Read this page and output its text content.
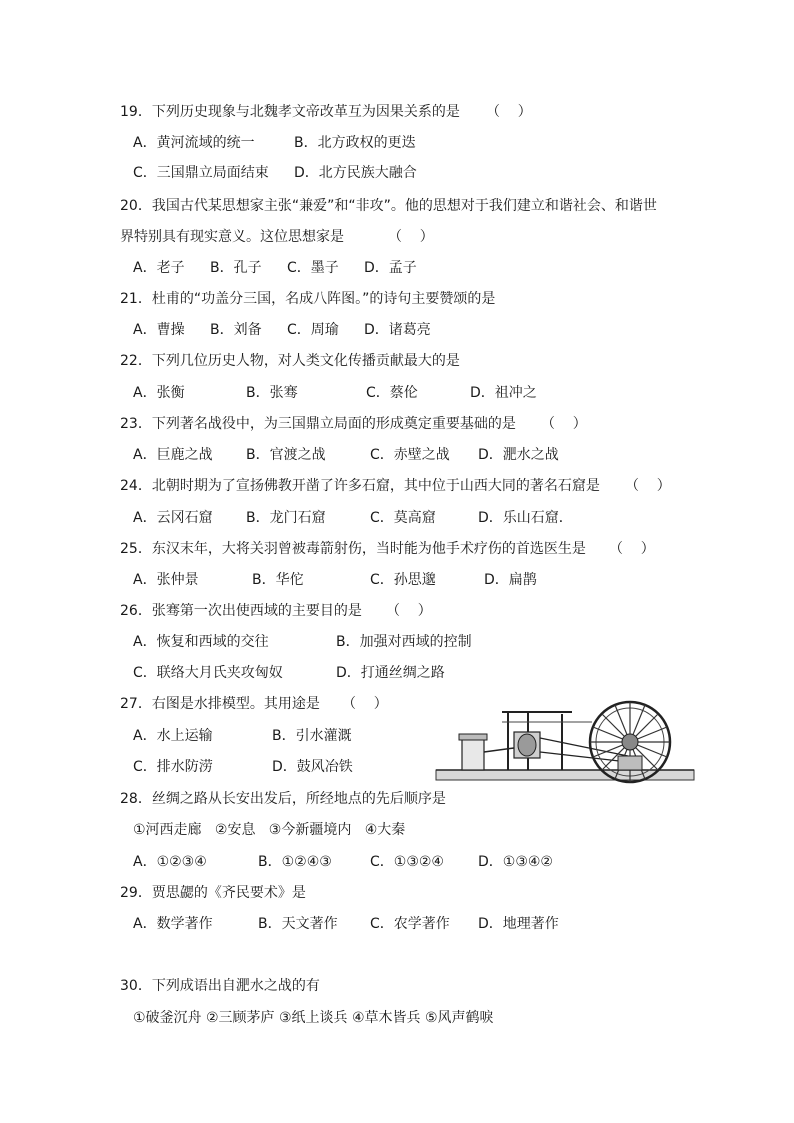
19．下列历史现象与北魏孝文帝改革互为因果关系的是 （    ）
A．黄河流域的统一	B．北方政权的更迭
C．三国鼎立局面结束 D．北方民族大融合
20．我国古代某思想家主张“兼爱”和“非攻”。他的思想对于我们建立和谐社会、和谐世
界特别具有现实意义。这位思想家是	（    ）
A．老子 B．孔子 C．墨子 D．孟子
21．杜甫的“功盖分三国，名成八阵图。”的诗句主要赞颂的是
A．曹操 B．刘备 C．周瑜 D．诸葛亮
22．下列几位历史人物，对人类文化传播贡献最大的是
A．张衡	B．张骞	C．蔡伦	D．祖冲之
23．下列著名战役中，为三国鼎立局面的形成奠定重要基础的是 （    ）
A．巨鹿之战 B．官渡之战	C．赤壁之战 D．淝水之战
24．北朝时期为了宣扬佛教开凿了许多石窟，其中位于山西大同的著名石窟是 （    ）
A．云冈石窟 B．龙门石窟	C．莫高窟	D．乐山石窟．
25．东汉末年，大将关羽曾被毒箭射伤，当时能为他手术疗伤的首选医生是 （    ）
A．张仲景	B．华佗	C．孙思邈	D．扁鹊
26．张骞第一次出使西域的主要目的是 （    ）
A．恢复和西域的交往	B．加强对西域的控制
C．联络大月氏夹攻匈奴	D．打通丝绸之路
27．右图是水排模型。其用途是 （    ）
A．水上运输	B．引水灌溉
C．排水防涝	D．鼓风冶铁
28．丝绸之路从长安出发后，所经地点的先后顺序是
①河西走廊   ②安息   ③今新疆境内   ④大秦
A．①②③④	B．①②④③	C．①③②④ D．①③④②
29．贾思勰的《齐民要术》是
A．数学著作	B．天文著作 C．农学著作 D．地理著作
30．下列成语出自淝水之战的有
①破釜沉舟 ②三顾茅庐 ③纸上谈兵 ④草木皆兵 ⑤风声鹤唳
